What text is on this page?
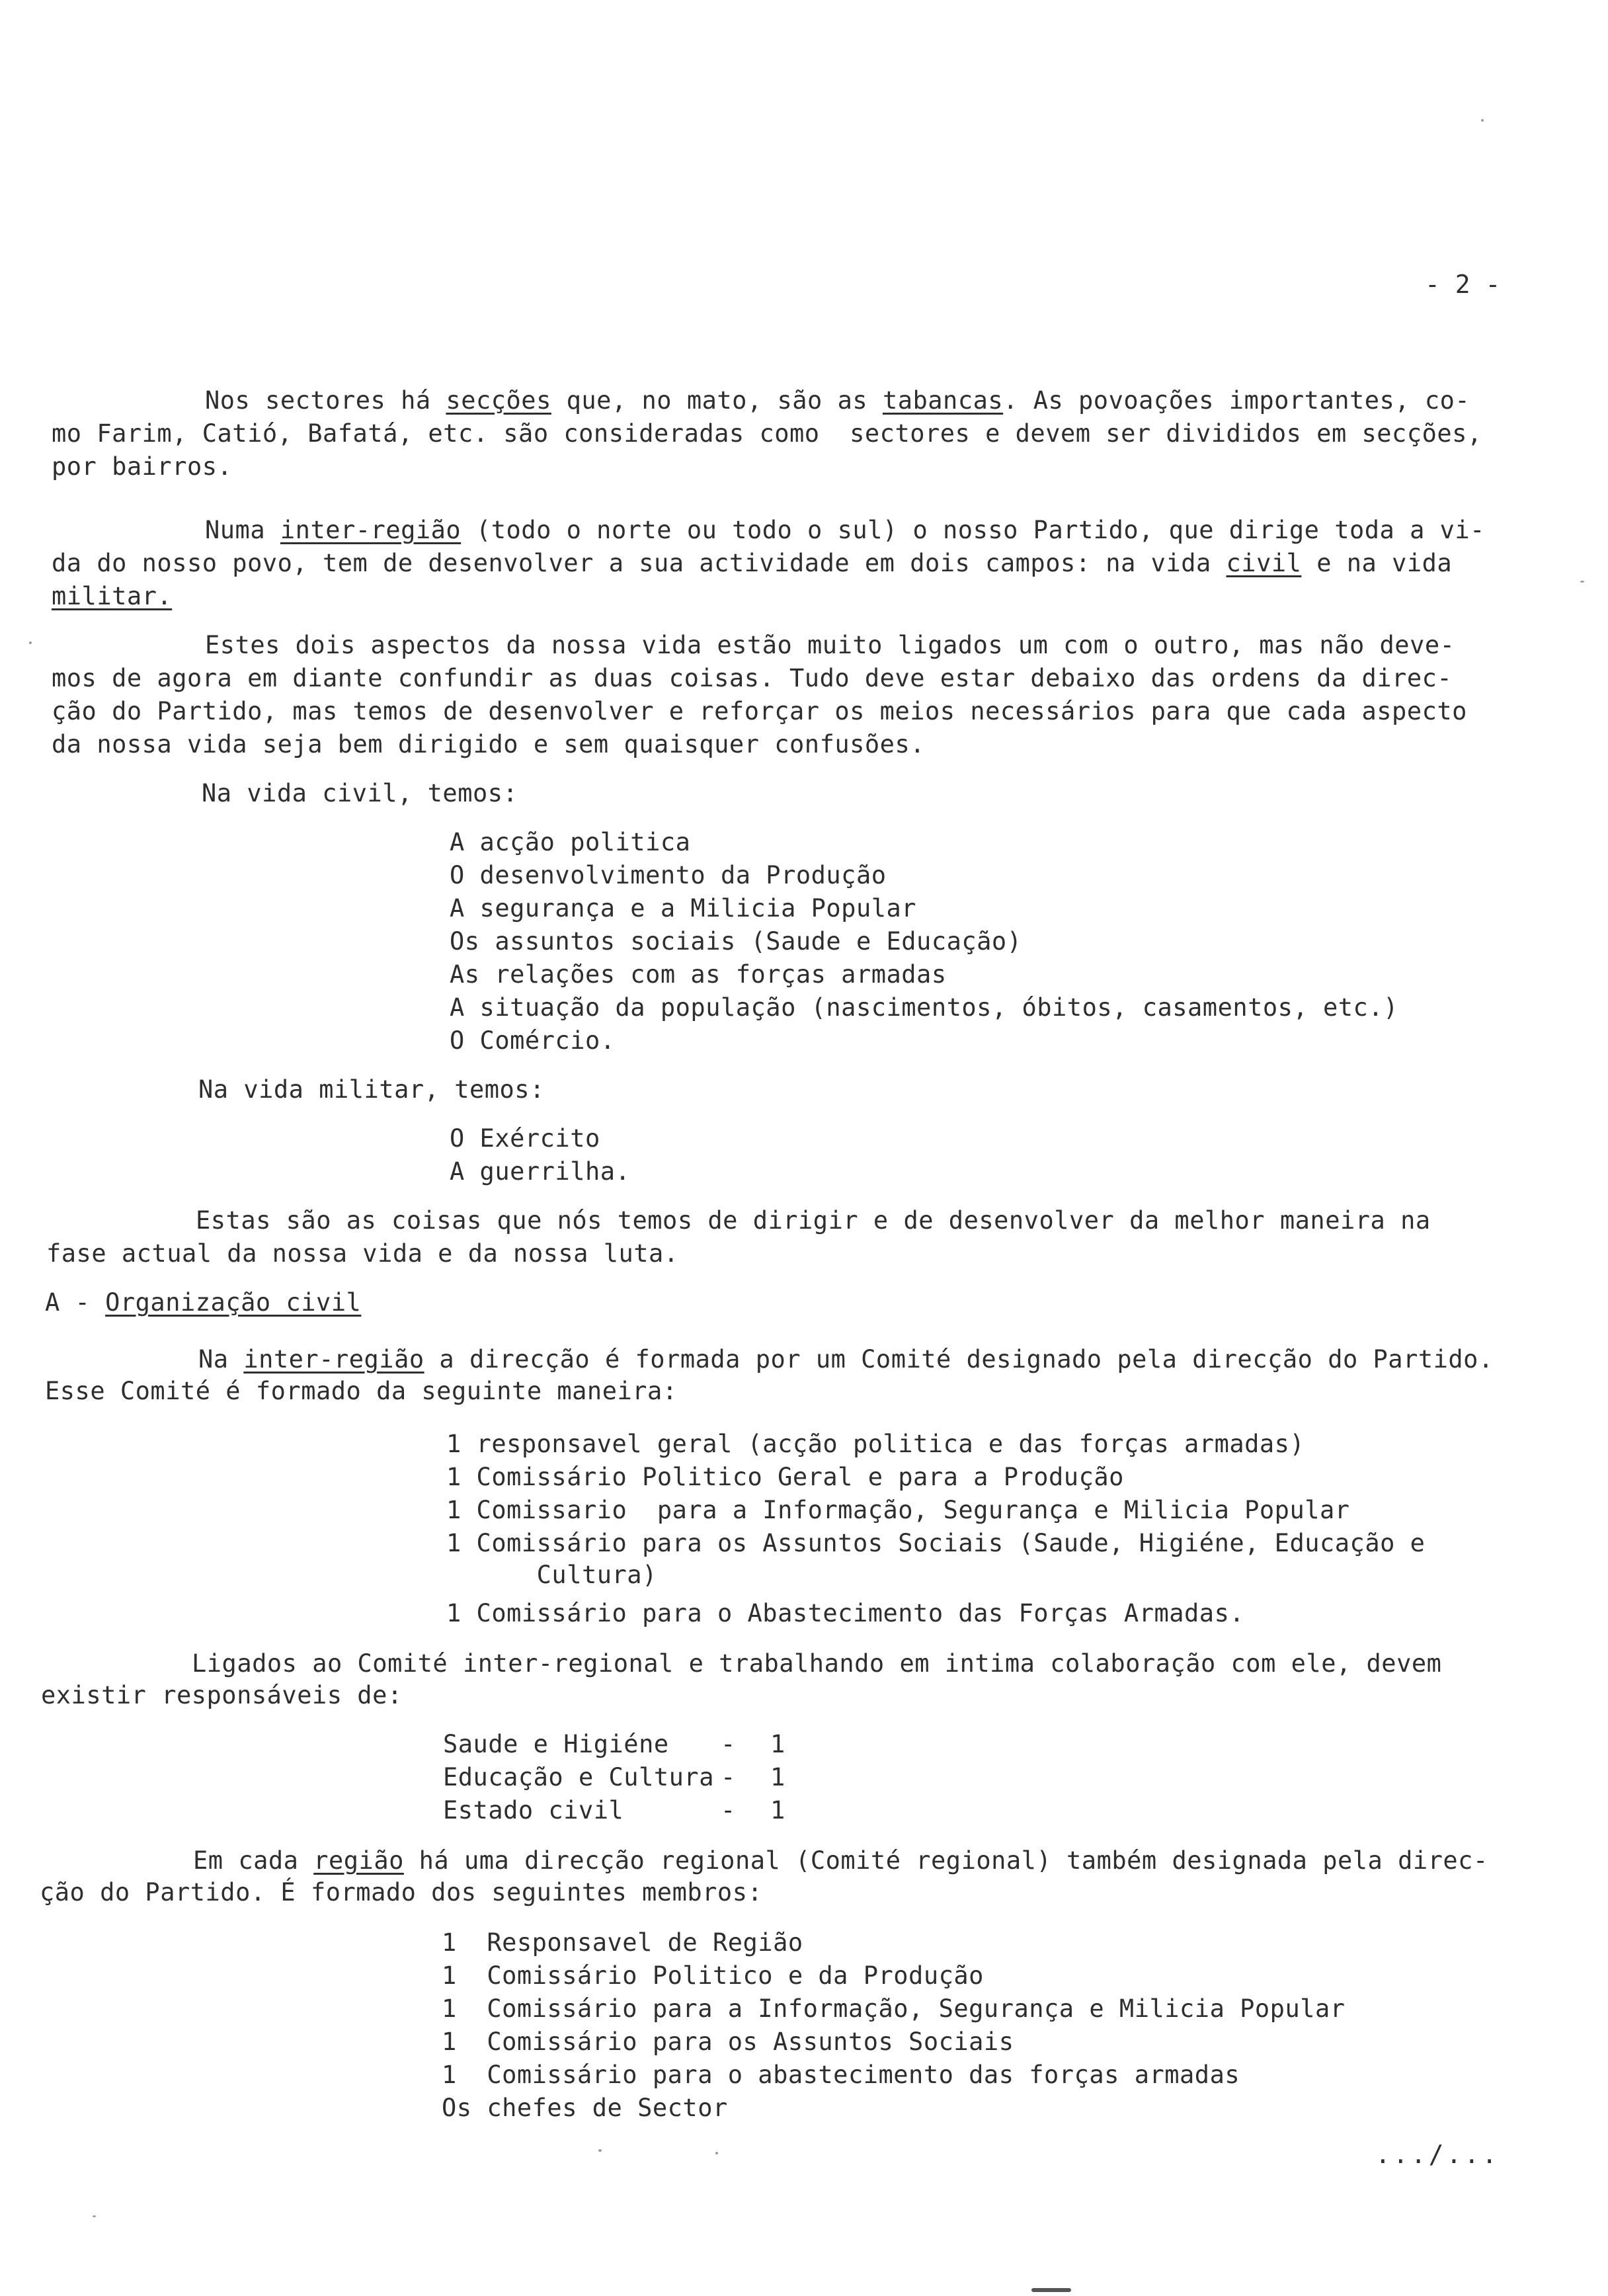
- 2 -
Nos sectores há secções que, no mato, são as tabancas. As povoações importantes, co-
mo Farim, Catió, Bafatá, etc. são consideradas como  sectores e devem ser divididos em secções,
por bairros.
Numa inter-região (todo o norte ou todo o sul) o nosso Partido, que dirige toda a vi-
da do nosso povo, tem de desenvolver a sua actividade em dois campos: na vida civil e na vida
militar.
Estes dois aspectos da nossa vida estão muito ligados um com o outro, mas não deve-
mos de agora em diante confundir as duas coisas. Tudo deve estar debaixo das ordens da direc-
ção do Partido, mas temos de desenvolver e reforçar os meios necessários para que cada aspecto
da nossa vida seja bem dirigido e sem quaisquer confusões.
Na vida civil, temos:
A acção politica
O desenvolvimento da Produção
A segurança e a Milicia Popular
Os assuntos sociais (Saude e Educação)
As relações com as forças armadas
A situação da população (nascimentos, óbitos, casamentos, etc.)
O Comércio.
Na vida militar, temos:
O Exército
A guerrilha.
Estas são as coisas que nós temos de dirigir e de desenvolver da melhor maneira na
fase actual da nossa vida e da nossa luta.
A - Organização civil
Na inter-região a direcção é formada por um Comité designado pela direcção do Partido.
Esse Comité é formado da seguinte maneira:
1 responsavel geral (acção politica e das forças armadas)
1 Comissário Politico Geral e para a Produção
1 Comissario  para a Informação, Segurança e Milicia Popular
1 Comissário para os Assuntos Sociais (Saude, Higiéne, Educação e
Cultura)
1 Comissário para o Abastecimento das Forças Armadas.
Ligados ao Comité inter-regional e trabalhando em intima colaboração com ele, devem
existir responsáveis de:
Saude e Higiéne - 1
Educação e Cultura - 1
Estado civil	- 1
Em cada região há uma direcção regional (Comité regional) também designada pela direc-
ção do Partido. É formado dos seguintes membros:
1  Responsavel de Região
1  Comissário Politico e da Produção
1  Comissário para a Informação, Segurança e Milicia Popular
1  Comissário para os Assuntos Sociais
1  Comissário para o abastecimento das forças armadas
Os chefes de Sector
.../...
